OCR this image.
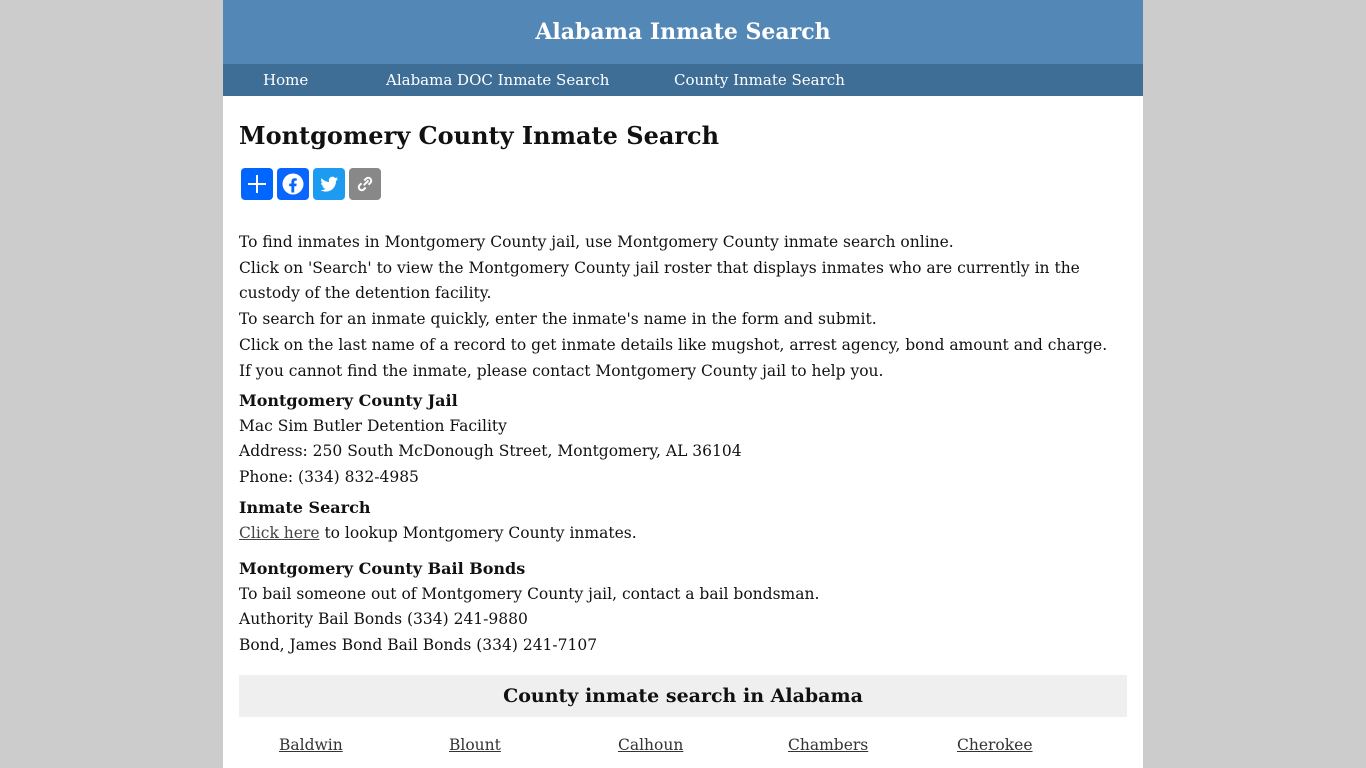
Alabama Inmate Search
Home	Alabama DOC Inmate Search	County Inmate Search
Montgomery County Inmate Search
To find inmates in Montgomery County jail, use Montgomery County inmate search online.
Click on 'Search' to view the Montgomery County jail roster that displays inmates who are currently in the custody of the detention facility.
To search for an inmate quickly, enter the inmate's name in the form and submit.
Click on the last name of a record to get inmate details like mugshot, arrest agency, bond amount and charge.
If you cannot find the inmate, please contact Montgomery County jail to help you.
Montgomery County Jail
Mac Sim Butler Detention Facility
Address: 250 South McDonough Street, Montgomery, AL 36104
Phone: (334) 832-4985
Inmate Search
Click here to lookup Montgomery County inmates.
Montgomery County Bail Bonds
To bail someone out of Montgomery County jail, contact a bail bondsman.
Authority Bail Bonds (334) 241-9880
Bond, James Bond Bail Bonds (334) 241-7107
County inmate search in Alabama
Baldwin	Blount	Calhoun	Chambers	Cherokee
